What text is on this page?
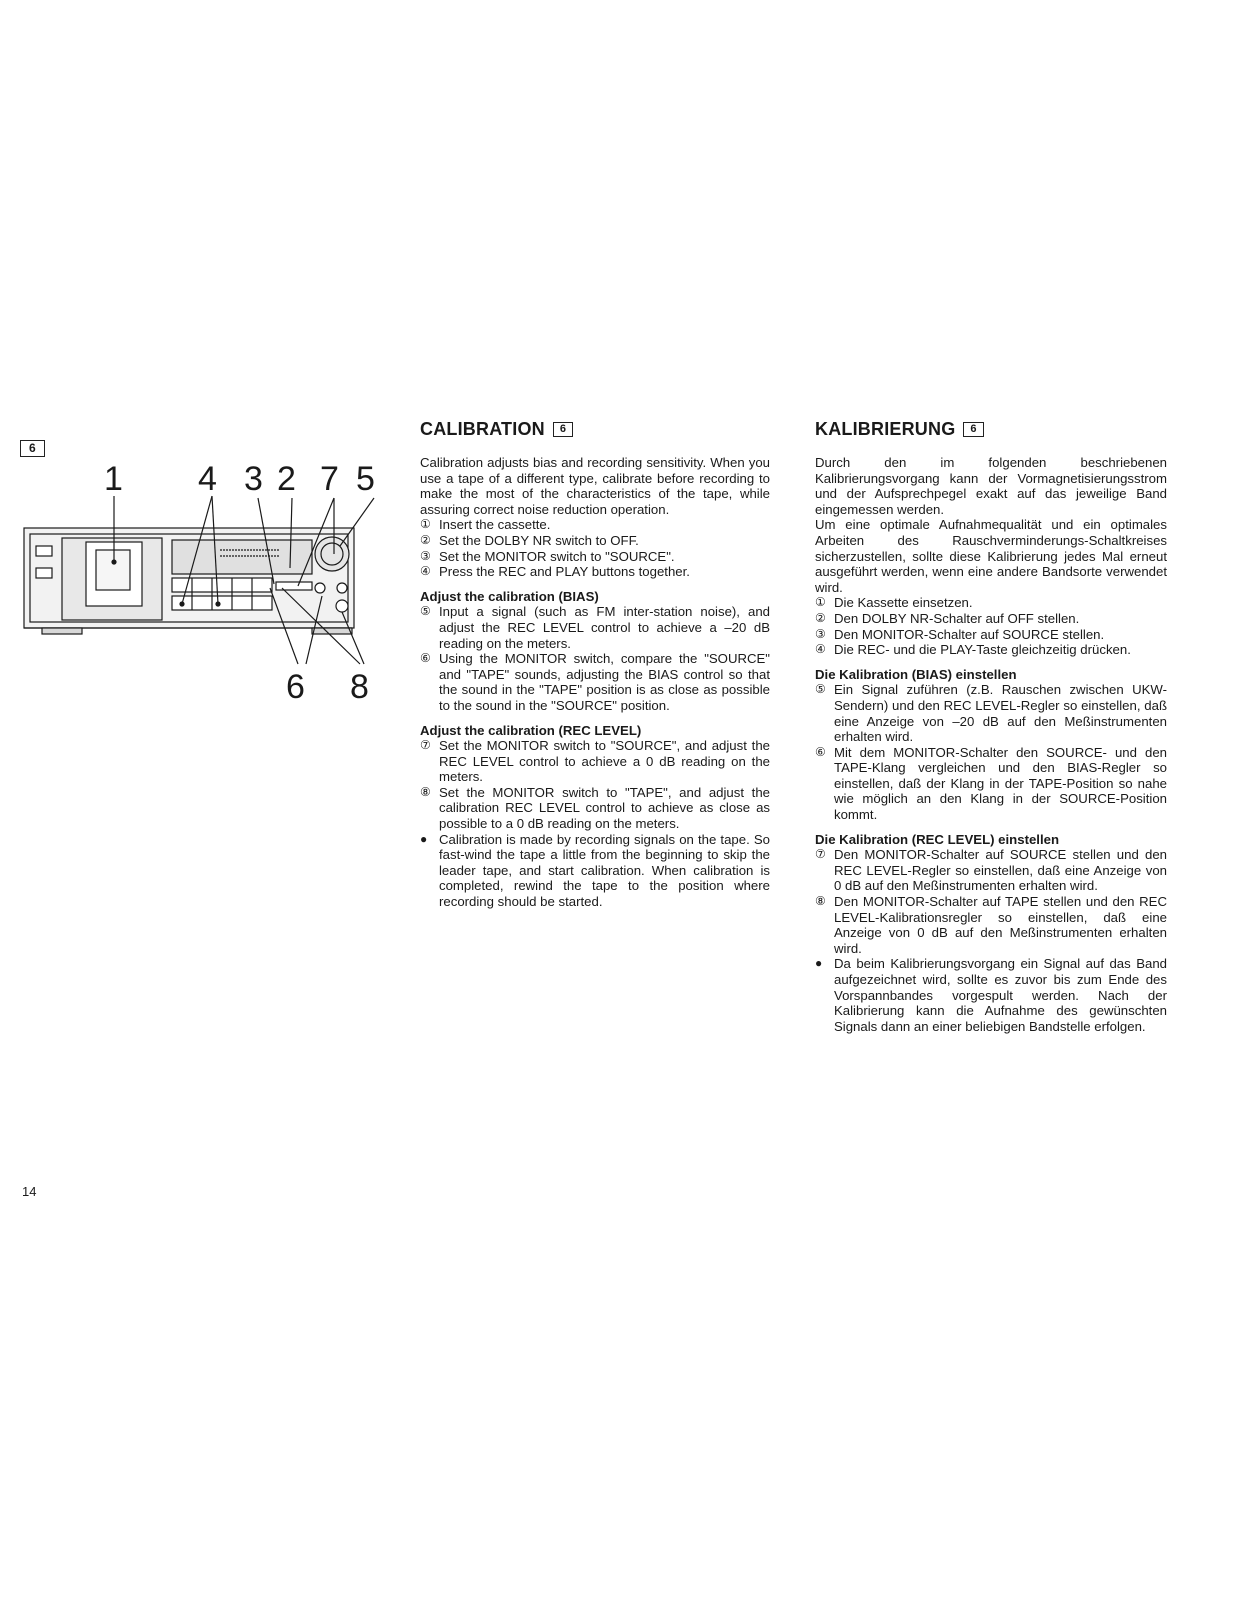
6
1 4 3 2 7 5
6 8
CALIBRATION	6

Calibration adjusts bias and recording sensitivity. When you use a tape of a different type, calibrate before recording to make the most of the characteristics of the tape, while assuring correct noise reduction operation.

① Insert the cassette.
② Set the DOLBY NR switch to OFF.
③ Set the MONITOR switch to "SOURCE".
④ Press the REC and PLAY buttons together.

Adjust the calibration (BIAS)

⑤ Input a signal (such as FM inter-station noise), and adjust the REC LEVEL control to achieve a –20 dB reading on the meters.
⑥ Using the MONITOR switch, compare the "SOURCE" and "TAPE" sounds, adjusting the BIAS control so that the sound in the "TAPE" position is as close as possible to the sound in the "SOURCE" position.

Adjust the calibration (REC LEVEL)

⑦ Set the MONITOR switch to "SOURCE", and adjust the REC LEVEL control to achieve a 0 dB reading on the meters.
⑧ Set the MONITOR switch to "TAPE", and adjust the calibration REC LEVEL control to achieve as close as possible to a 0 dB reading on the meters.
● Calibration is made by recording signals on the tape. So fast-wind the tape a little from the beginning to skip the leader tape, and start calibration. When calibration is completed, rewind the tape to the position where recording should be started.
KALIBRIERUNG	6

Durch den im folgenden beschriebenen Kalibrierungsvorgang kann der Vormagnetisierungsstrom und der Aufsprechpegel exakt auf das jeweilige Band eingemessen werden.

Um eine optimale Aufnahmequalität und ein optimales Arbeiten des Rauschverminderungs-Schaltkreises sicherzustellen, sollte diese Kalibrierung jedes Mal erneut ausgeführt werden, wenn eine andere Bandsorte verwendet wird.

① Die Kassette einsetzen.
② Den DOLBY NR-Schalter auf OFF stellen.
③ Den MONITOR-Schalter auf SOURCE stellen.
④ Die REC- und die PLAY-Taste gleichzeitig drücken.

Die Kalibration (BIAS) einstellen

⑤ Ein Signal zuführen (z.B. Rauschen zwischen UKW-Sendern) und den REC LEVEL-Regler so einstellen, daß eine Anzeige von –20 dB auf den Meßinstrumenten erhalten wird.
⑥ Mit dem MONITOR-Schalter den SOURCE- und den TAPE-Klang vergleichen und den BIAS-Regler so einstellen, daß der Klang in der TAPE-Position so nahe wie möglich an den Klang in der SOURCE-Position kommt.

Die Kalibration (REC LEVEL) einstellen

⑦ Den MONITOR-Schalter auf SOURCE stellen und den REC LEVEL-Regler so einstellen, daß eine Anzeige von 0 dB auf den Meßinstrumenten erhalten wird.
⑧ Den MONITOR-Schalter auf TAPE stellen und den REC LEVEL-Kalibrationsregler so einstellen, daß eine Anzeige von 0 dB auf den Meßinstrumenten erhalten wird.
● Da beim Kalibrierungsvorgang ein Signal auf das Band aufgezeichnet wird, sollte es zuvor bis zum Ende des Vorspannbandes vorgespult werden. Nach der Kalibrierung kann die Aufnahme des gewünschten Signals dann an einer beliebigen Bandstelle erfolgen.
14
